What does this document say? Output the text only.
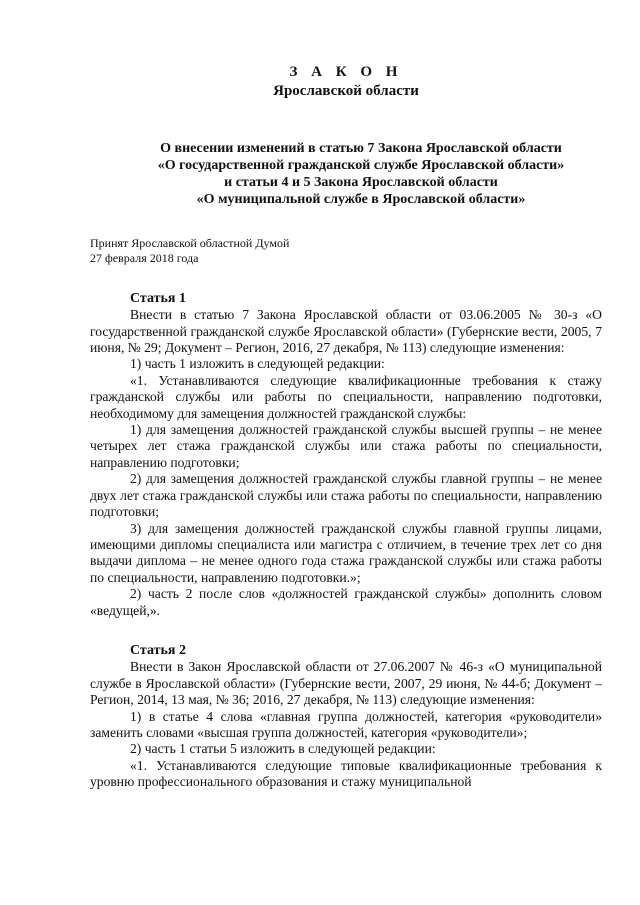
З А К О Н
Ярославской области
О внесении изменений в статью 7 Закона Ярославской области
«О государственной гражданской службе Ярославской области»
и статьи 4 и 5 Закона Ярославской области
«О муниципальной службе в Ярославской области»
Принят Ярославской областной Думой
27 февраля 2018 года
Статья 1

Внести в статью 7 Закона Ярославской области от 03.06.2005 № 30-з «О государственной гражданской службе Ярославской области» (Губернские вести, 2005, 7 июня, № 29; Документ – Регион, 2016, 27 декабря, № 113) следующие изменения:

1) часть 1 изложить в следующей редакции:

«1. Устанавливаются следующие квалификационные требования к стажу гражданской службы или работы по специальности, направлению подготовки, необходимому для замещения должностей гражданской службы:

1) для замещения должностей гражданской службы высшей группы – не менее четырех лет стажа гражданской службы или стажа работы по специальности, направлению подготовки;

2) для замещения должностей гражданской службы главной группы – не менее двух лет стажа гражданской службы или стажа работы по специальности, направлению подготовки;

3) для замещения должностей гражданской службы главной группы лицами, имеющими дипломы специалиста или магистра с отличием, в течение трех лет со дня выдачи диплома – не менее одного года стажа гражданской службы или стажа работы по специальности, направлению подготовки.»;

2) часть 2 после слов «должностей гражданской службы» дополнить словом «ведущей,».

Статья 2

Внести в Закон Ярославской области от 27.06.2007 № 46-з «О муниципальной службе в Ярославской области» (Губернские вести, 2007, 29 июня, № 44-б; Документ – Регион, 2014, 13 мая, № 36; 2016, 27 декабря, № 113) следующие изменения:

1) в статье 4 слова «главная группа должностей, категория «руководители» заменить словами «высшая группа должностей, категория «руководители»;

2) часть 1 статьи 5 изложить в следующей редакции:

«1. Устанавливаются следующие типовые квалификационные требования к уровню профессионального образования и стажу муниципальной
